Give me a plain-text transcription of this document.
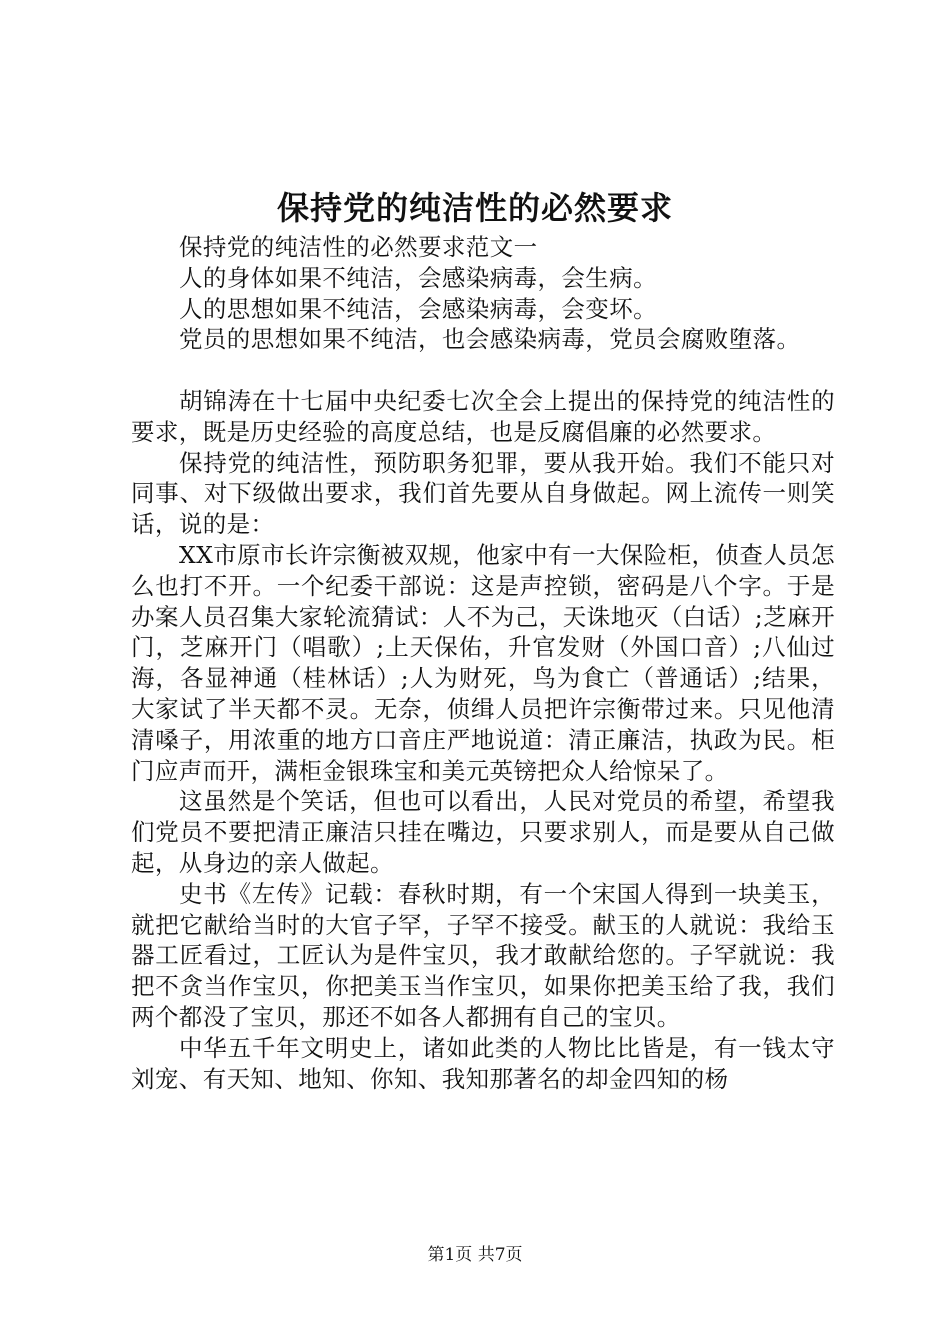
保持党的纯洁性的必然要求
保持党的纯洁性的必然要求范文一
人的身体如果不纯洁，会感染病毒，会生病。
人的思想如果不纯洁，会感染病毒，会变坏。
党员的思想如果不纯洁，也会感染病毒，党员会腐败堕落。
胡锦涛在十七届中央纪委七次全会上提出的保持党的纯洁性的要求，既是历史经验的高度总结，也是反腐倡廉的必然要求。
保持党的纯洁性，预防职务犯罪，要从我开始。我们不能只对同事、对下级做出要求，我们首先要从自身做起。网上流传一则笑话，说的是：
XX市原市长许宗衡被双规，他家中有一大保险柜，侦查人员怎么也打不开。一个纪委干部说：这是声控锁，密码是八个字。于是办案人员召集大家轮流猜试：人不为己，天诛地灭（白话）;芝麻开门，芝麻开门（唱歌）;上天保佑，升官发财（外国口音）;八仙过海，各显神通（桂林话）;人为财死，鸟为食亡（普通话）;结果，大家试了半天都不灵。无奈，侦缉人员把许宗衡带过来。只见他清清嗓子，用浓重的地方口音庄严地说道：清正廉洁，执政为民。柜门应声而开，满柜金银珠宝和美元英镑把众人给惊呆了。
这虽然是个笑话，但也可以看出，人民对党员的希望，希望我们党员不要把清正廉洁只挂在嘴边，只要求别人，而是要从自己做起，从身边的亲人做起。
史书《左传》记载：春秋时期，有一个宋国人得到一块美玉，就把它献给当时的大官子罕，子罕不接受。献玉的人就说：我给玉器工匠看过，工匠认为是件宝贝，我才敢献给您的。子罕就说：我把不贪当作宝贝，你把美玉当作宝贝，如果你把美玉给了我，我们两个都没了宝贝，那还不如各人都拥有自己的宝贝。
中华五千年文明史上，诸如此类的人物比比皆是，有一钱太守刘宠、有天知、地知、你知、我知那著名的却金四知的杨
第1页 共7页
